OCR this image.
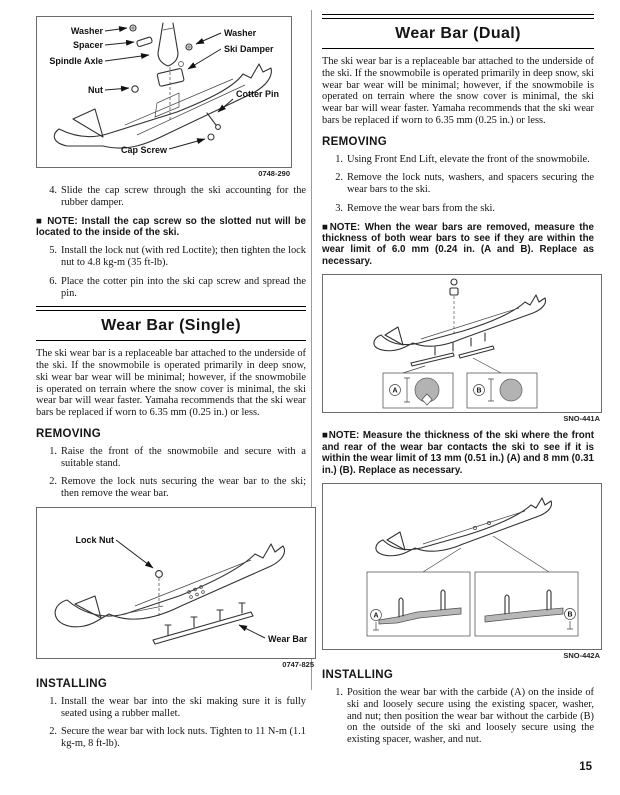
Washer
Spacer
Spindle Axle
Nut
Cap Screw
Washer
Ski Damper
Cotter Pin
0748-290
4. Slide the cap screw through the ski accounting for the rubber damper.
■ NOTE: Install the cap screw so the slotted nut will be located to the inside of the ski.
5. Install the lock nut (with red Loctite); then tighten the lock nut to 4.8 kg-m (35 ft-lb).
6. Place the cotter pin into the ski cap screw and spread the pin.
Wear Bar (Single)

The ski wear bar is a replaceable bar attached to the underside of the ski. If the snowmobile is operated primarily in deep snow, ski wear bar wear will be minimal; however, if the snowmobile is operated on terrain where the snow cover is minimal, the ski wear bar will wear faster. Yamaha recommends that the ski wear bars be replaced if worn to 6.35 mm (0.25 in.) or less.

REMOVING
1. Raise the front of the snowmobile and secure with a suitable stand.
2. Remove the lock nuts securing the wear bar to the ski; then remove the wear bar.
Lock Nut
Wear Bar
0747-825
INSTALLING
1. Install the wear bar into the ski making sure it is fully seated using a rubber mallet.
2. Secure the wear bar with lock nuts. Tighten to 11 N-m (1.1 kg-m, 8 ft-lb).
Wear Bar (Dual)

The ski wear bar is a replaceable bar attached to the underside of the ski. If the snowmobile is operated primarily in deep snow, ski wear bar wear will be minimal; however, if the snowmobile is operated on terrain where the snow cover is minimal, the ski wear bar will wear faster. Yamaha recommends that the ski wear bars be replaced if worn to 6.35 mm (0.25 in.) or less.

REMOVING
1. Using Front End Lift, elevate the front of the snowmobile.
2. Remove the lock nuts, washers, and spacers securing the wear bars to the ski.
3. Remove the wear bars from the ski.
■NOTE: When the wear bars are removed, measure the thickness of both wear bars to see if they are within the wear limit of 6.0 mm (0.24 in. (A and B). Replace as necessary.
A	B
SNO-441A
■NOTE: Measure the thickness of the ski where the front and rear of the wear bar contacts the ski to see if it is within the wear limit of 13 mm (0.51 in.) (A) and 8 mm (0.31 in.) (B). Replace as necessary.
A	B
SNO-442A
INSTALLING
1. Position the wear bar with the carbide (A) on the inside of ski and loosely secure using the existing spacer, washer, and nut; then position the wear bar without the carbide (B) on the outside of the ski and loosely secure using the existing spacer, washer, and nut.
15
